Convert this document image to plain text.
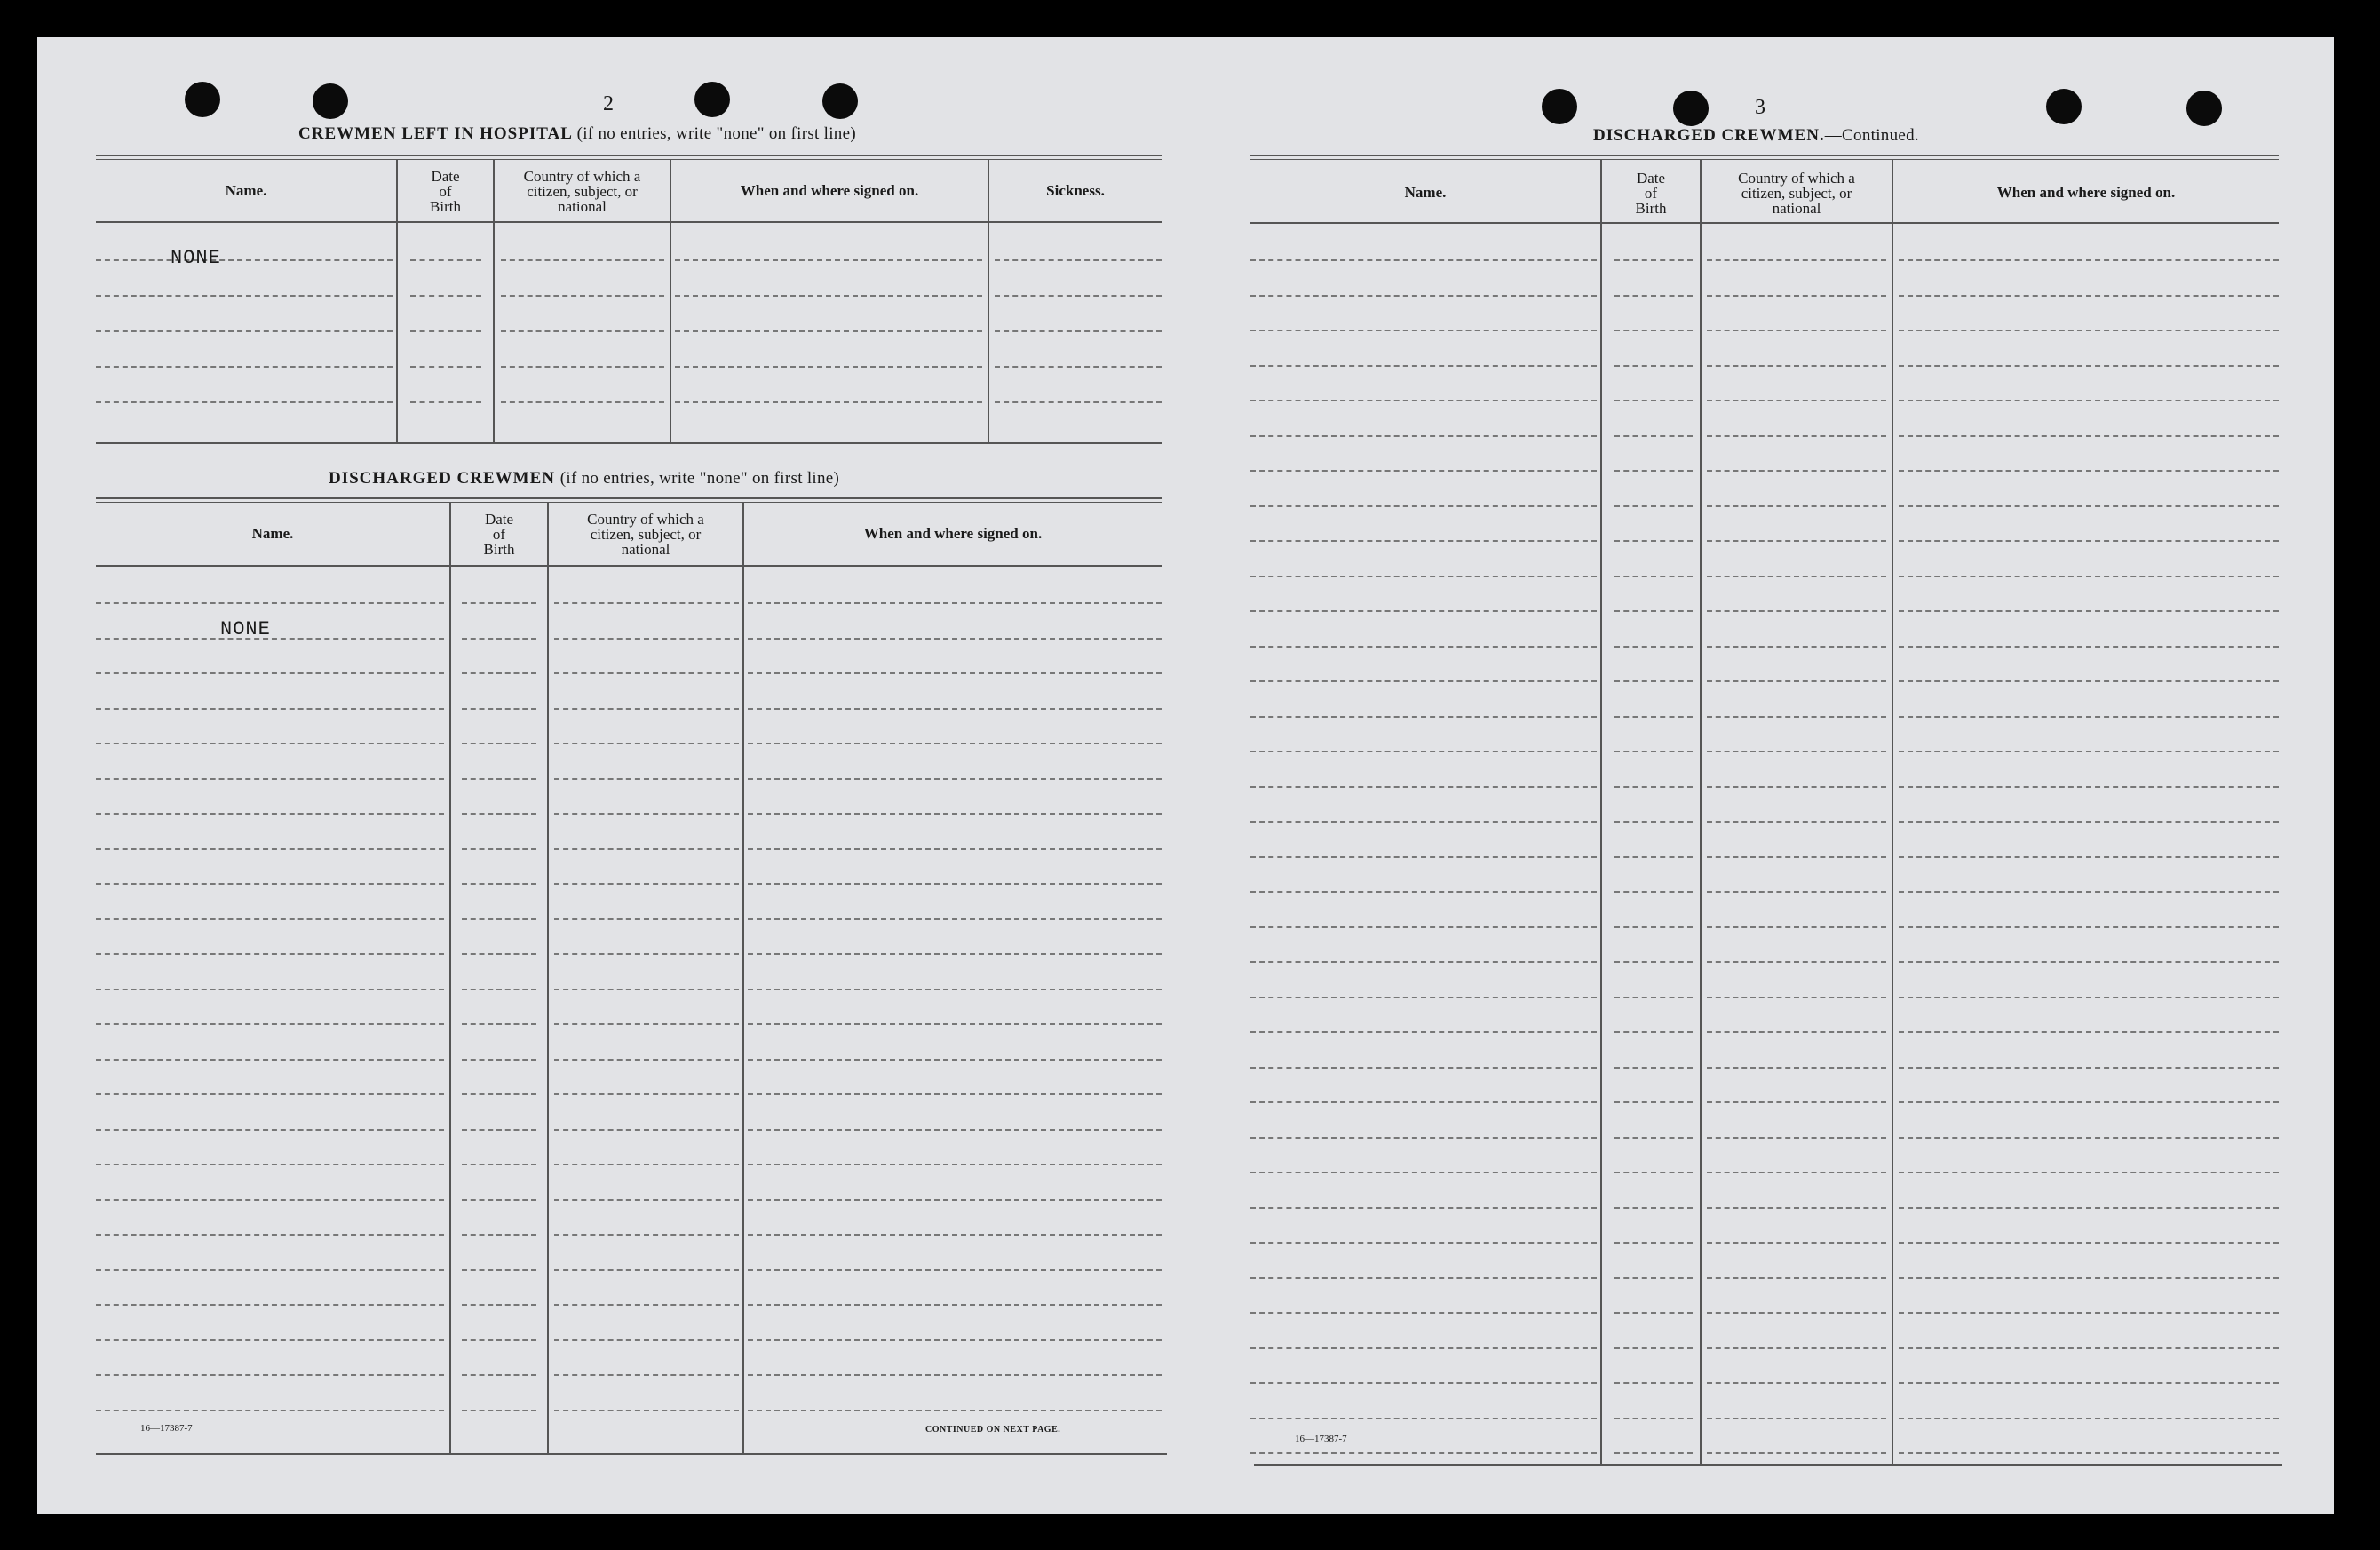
2
CREWMEN LEFT IN HOSPITAL (if no entries, write "none" on first line)
Name.
Date
of
Birth
Country of which a
citizen, subject, or
national
When and where signed on.	Sickness.
NONE
DISCHARGED CREWMEN (if no entries, write "none" on first line)
Name.
Date
of
Birth
Country of which a
citizen, subject, or
national
When and where signed on.
NONE
16—17387-7	CONTINUED ON NEXT PAGE.
3
DISCHARGED CREWMEN.—Continued.
Name.
Date
of
Birth
Country of which a
citizen, subject, or
national
When and where signed on.
16—17387-7
